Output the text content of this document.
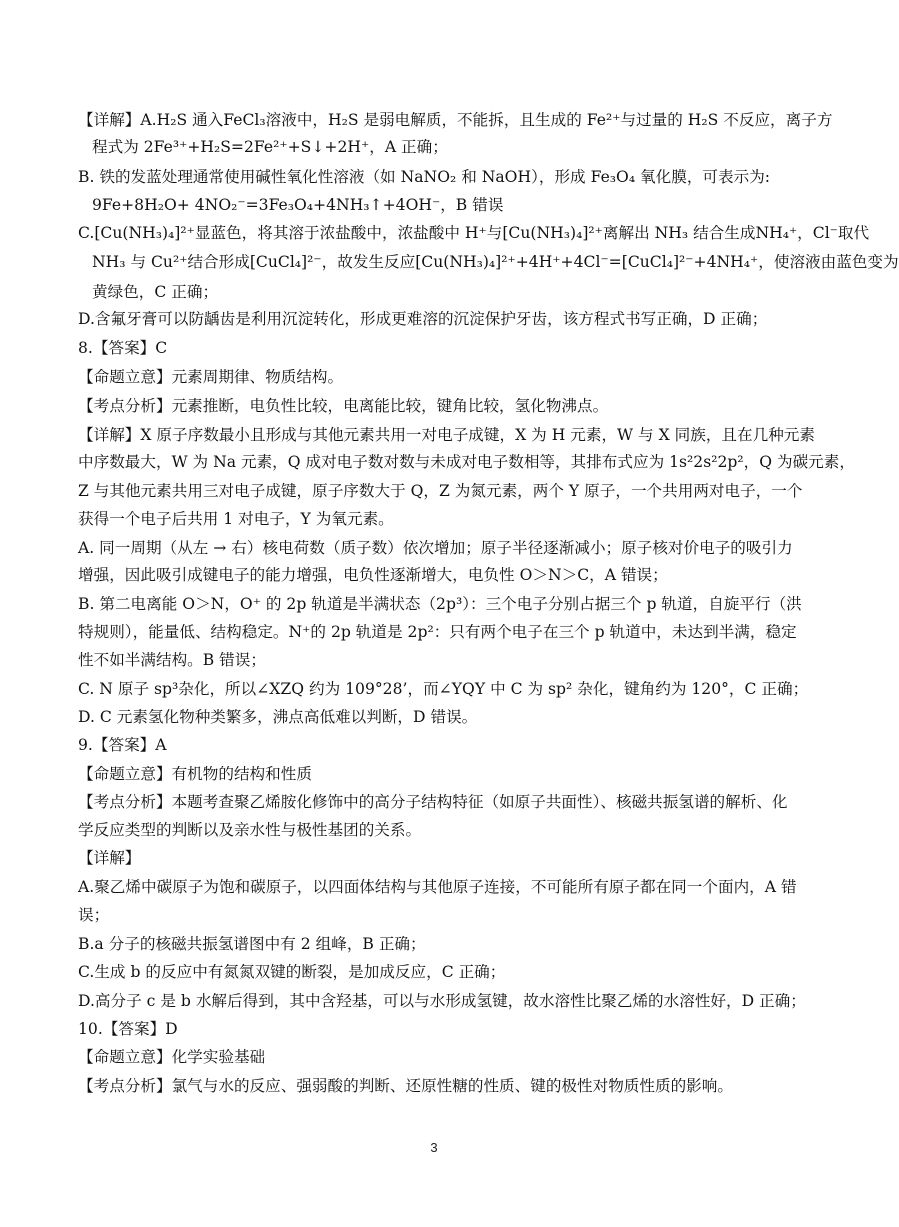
【详解】A.H₂S 通入FeCl₃溶液中，H₂S 是弱电解质，不能拆，且生成的 Fe²⁺与过量的 H₂S 不反应，离子方
程式为 2Fe³⁺+H₂S=2Fe²⁺+S↓+2H⁺，A 正确；
B. 铁的发蓝处理通常使用碱性氧化性溶液（如 NaNO₂ 和 NaOH），形成 Fe₃O₄ 氧化膜，可表示为:
9Fe+8H₂O+ 4NO₂⁻=3Fe₃O₄+4NH₃↑+4OH⁻，B 错误
C.[Cu(NH₃)₄]²⁺显蓝色，将其溶于浓盐酸中，浓盐酸中 H⁺与[Cu(NH₃)₄]²⁺离解出 NH₃ 结合生成NH₄⁺，Cl⁻取代
NH₃ 与 Cu²⁺结合形成[CuCl₄]²⁻，故发生反应[Cu(NH₃)₄]²⁺+4H⁺+4Cl⁻=[CuCl₄]²⁻+4NH₄⁺，使溶液由蓝色变为
黄绿色，C 正确；
D.含氟牙膏可以防龋齿是利用沉淀转化，形成更难溶的沉淀保护牙齿，该方程式书写正确，D 正确；
8.【答案】C
【命题立意】元素周期律、物质结构。
【考点分析】元素推断，电负性比较，电离能比较，键角比较，氢化物沸点。
【详解】X 原子序数最小且形成与其他元素共用一对电子成键，X 为 H 元素，W 与 X 同族，且在几种元素
中序数最大，W 为 Na 元素，Q 成对电子数对数与未成对电子数相等，其排布式应为 1s²2s²2p²，Q 为碳元素，
Z 与其他元素共用三对电子成键，原子序数大于 Q，Z 为氮元素，两个 Y 原子，一个共用两对电子，一个
获得一个电子后共用 1 对电子，Y 为氧元素。
A. 同一周期（从左 → 右）核电荷数（质子数）依次增加；原子半径逐渐减小；原子核对价电子的吸引力
增强，因此吸引成键电子的能力增强，电负性逐渐增大，电负性 O＞N＞C，A 错误；
B. 第二电离能 O＞N，O⁺ 的 2p 轨道是半满状态（2p³）：三个电子分别占据三个 p 轨道，自旋平行（洪
特规则），能量低、结构稳定。N⁺的 2p 轨道是 2p²：只有两个电子在三个 p 轨道中，未达到半满，稳定
性不如半满结构。B 错误；
C. N 原子 sp³杂化，所以∠XZQ 约为 109°28’，而∠YQY 中 C 为 sp² 杂化，键角约为 120°，C 正确；
D. C 元素氢化物种类繁多，沸点高低难以判断，D 错误。
9.【答案】A
【命题立意】有机物的结构和性质
【考点分析】本题考查聚乙烯胺化修饰中的高分子结构特征（如原子共面性）、核磁共振氢谱的解析、化
学反应类型的判断以及亲水性与极性基团的关系。
【详解】
A.聚乙烯中碳原子为饱和碳原子，以四面体结构与其他原子连接，不可能所有原子都在同一个面内，A 错
误；
B.a 分子的核磁共振氢谱图中有 2 组峰，B 正确；
C.生成 b 的反应中有氮氮双键的断裂，是加成反应，C 正确；
D.高分子 c 是 b 水解后得到，其中含羟基，可以与水形成氢键，故水溶性比聚乙烯的水溶性好，D 正确；
10.【答案】D
【命题立意】化学实验基础
【考点分析】氯气与水的反应、强弱酸的判断、还原性糖的性质、键的极性对物质性质的影响。
3
